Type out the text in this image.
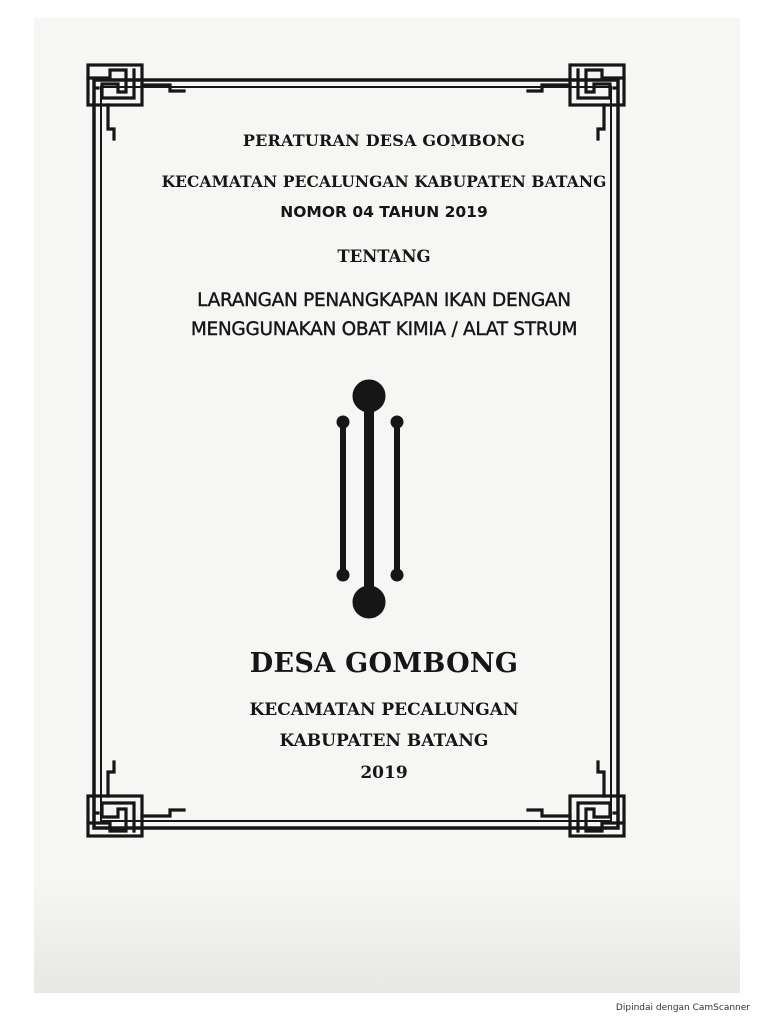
PERATURAN DESA GOMBONG

KECAMATAN PECALUNGAN KABUPATEN BATANG

NOMOR 04 TAHUN 2019

TENTANG

LARANGAN PENANGKAPAN IKAN DENGAN

MENGGUNAKAN OBAT KIMIA / ALAT STRUM

DESA GOMBONG

KECAMATAN PECALUNGAN

KABUPATEN BATANG

2019

Dipindai dengan CamScanner
